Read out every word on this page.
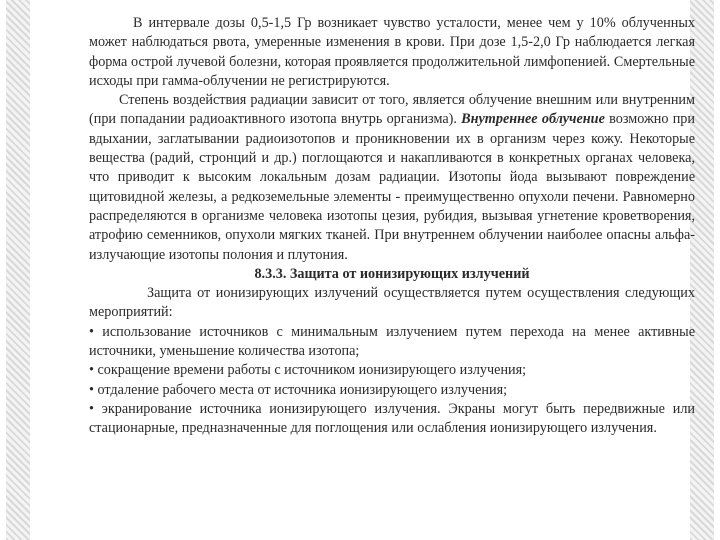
В интервале дозы 0,5-1,5 Гр возникает чувство усталости, менее чем у 10% облученных может наблюдаться рвота, умеренные изменения в крови. При дозе 1,5-2,0 Гр наблюдается легкая форма острой лучевой болезни, которая проявляется продолжительной лимфопенией. Смертельные исходы при гамма-облучении не регистрируются.

Степень воздействия радиации зависит от того, является облучение внешним или внутренним (при попадании радиоактивного изотопа внутрь организма). Внутреннее облучение возможно при вдыхании, заглатывании радиоизотопов и проникновении их в организм через кожу. Некоторые вещества (радий, стронций и др.) поглощаются и накапливаются в конкретных органах человека, что приводит к высоким локальным дозам радиации. Изотопы йода вызывают повреждение щитовидной железы, а редкоземельные элементы - преимущественно опухоли печени. Равномерно распределяются в организме человека изотопы цезия, рубидия, вызывая угнетение кроветворения, атрофию семенников, опухоли мягких тканей. При внутреннем облучении наиболее опасны альфа-излучающие изотопы полония и плутония.

8.3.3. Защита от ионизирующих излучений

Защита от ионизирующих излучений осуществляется путем осуществления следующих мероприятий:

• использование источников с минимальным излучением путем перехода на менее активные источники, уменьшение количества изотопа;

• сокращение времени работы с источником ионизирующего излучения;

• отдаление рабочего места от источника ионизирующего излучения;

• экранирование источника ионизирующего излучения. Экраны могут быть передвижные или стационарные, предназначенные для поглощения или ослабления ионизирующего излучения.
